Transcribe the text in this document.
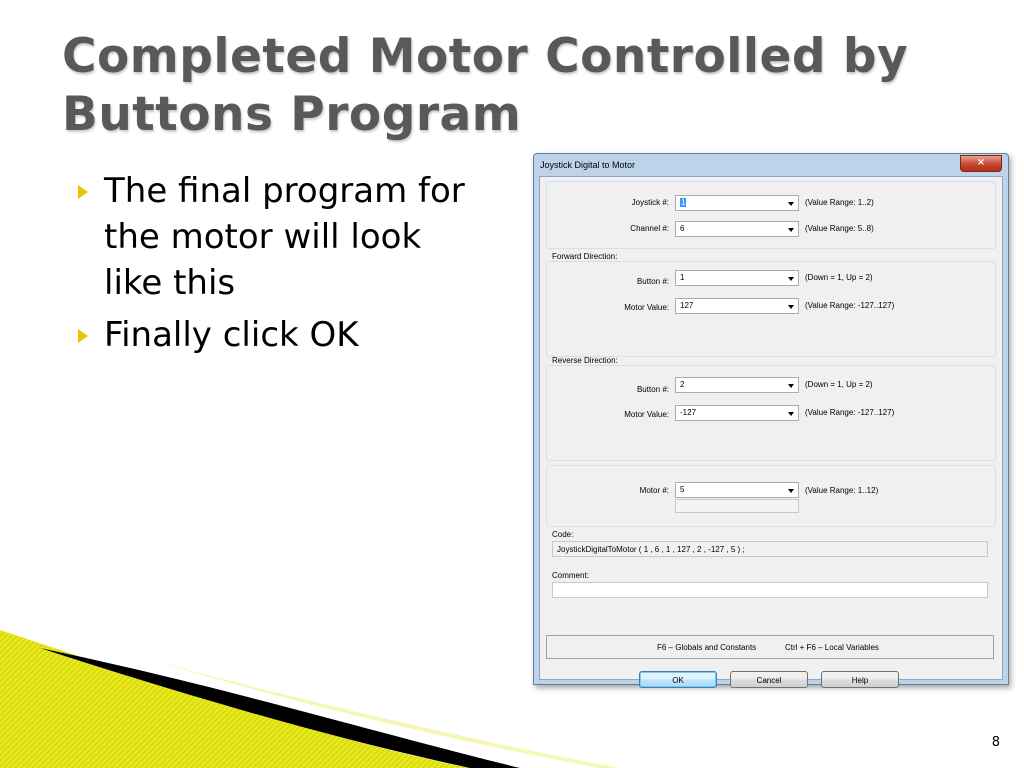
Completed Motor Controlled by Buttons Program
The final program for the motor will look like this
Finally click OK
8
Joystick Digital to Motor	×
Joystick #: 1	(Value Range: 1..2)
Channel #: 6	(Value Range: 5..8)
Forward Direction:
Button #: 1	(Down = 1, Up = 2)
Motor Value: 127	(Value Range: -127..127)
Reverse Direction:
Button #:
2	(Down = 1, Up = 2)
Motor Value: -127	(Value Range: -127..127)
Motor #: 5	(Value Range: 1..12)
Code:
JoystickDigitalToMotor ( 1 , 6 , 1 , 127 , 2 , -127 , 5 ) ;
Comment:
F6 – Globals and Constants	Ctrl + F6 – Local Variables
OK	Cancel	Help
